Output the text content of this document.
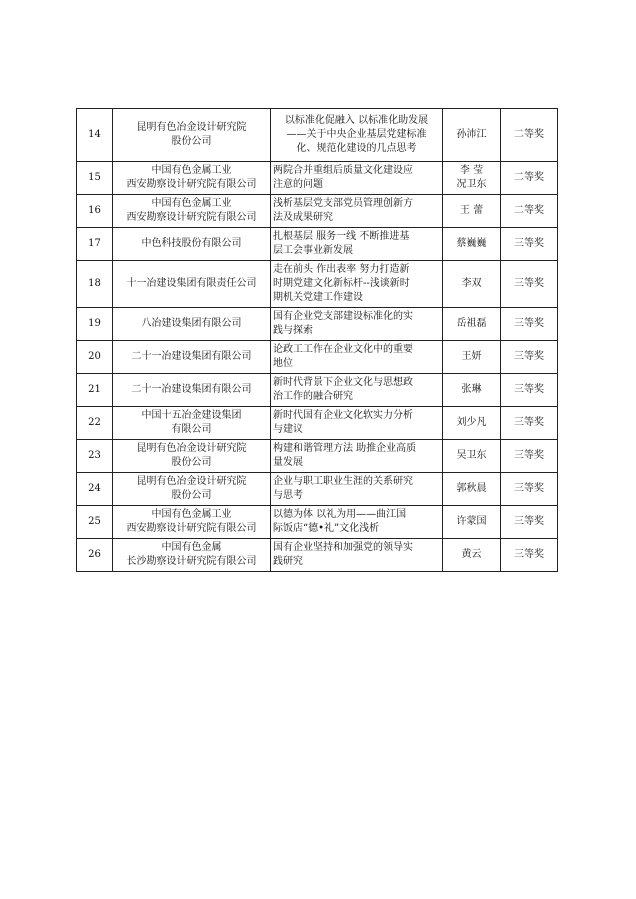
14	昆明有色冶金设计研究院
股份公司	以标准化促融入 以标准化助发展
——关于中央企业基层党建标准
化、规范化建设的几点思考	孙沛江	二等奖
15	中国有色金属工业
西安勘察设计研究院有限公司	两院合并重组后质量文化建设应
注意的问题	李 莹
况卫东	二等奖
16	中国有色金属工业
西安勘察设计研究院有限公司	浅析基层党支部党员管理创新方
法及成果研究	王 蕾	二等奖
17	中色科技股份有限公司	扎根基层 服务一线 不断推进基
层工会事业新发展	蔡巍巍	三等奖
18	十一冶建设集团有限责任公司	走在前头 作出表率 努力打造新
时期党建文化新标杆--浅谈新时
期机关党建工作建设	李双	三等奖
19	八冶建设集团有限公司	国有企业党支部建设标准化的实
践与探索	岳祖磊	三等奖
20	二十一冶建设集团有限公司	论政工工作在企业文化中的重要
地位	王妍	三等奖
21	二十一冶建设集团有限公司	新时代背景下企业文化与思想政
治工作的融合研究	张琳	三等奖
22	中国十五冶金建设集团
有限公司	新时代国有企业文化软实力分析
与建议	刘少凡	三等奖
23	昆明有色冶金设计研究院
股份公司	构建和谐管理方法 助推企业高质
量发展	吴卫东	三等奖
24	昆明有色冶金设计研究院
股份公司	企业与职工职业生涯的关系研究
与思考	郭秋晨	三等奖
25	中国有色金属工业
西安勘察设计研究院有限公司	以德为体 以礼为用——曲江国
际饭店“德•礼”文化浅析	许蒙国	三等奖
26	中国有色金属
长沙勘察设计研究院有限公司	国有企业坚持和加强党的领导实
践研究	黄云	三等奖
